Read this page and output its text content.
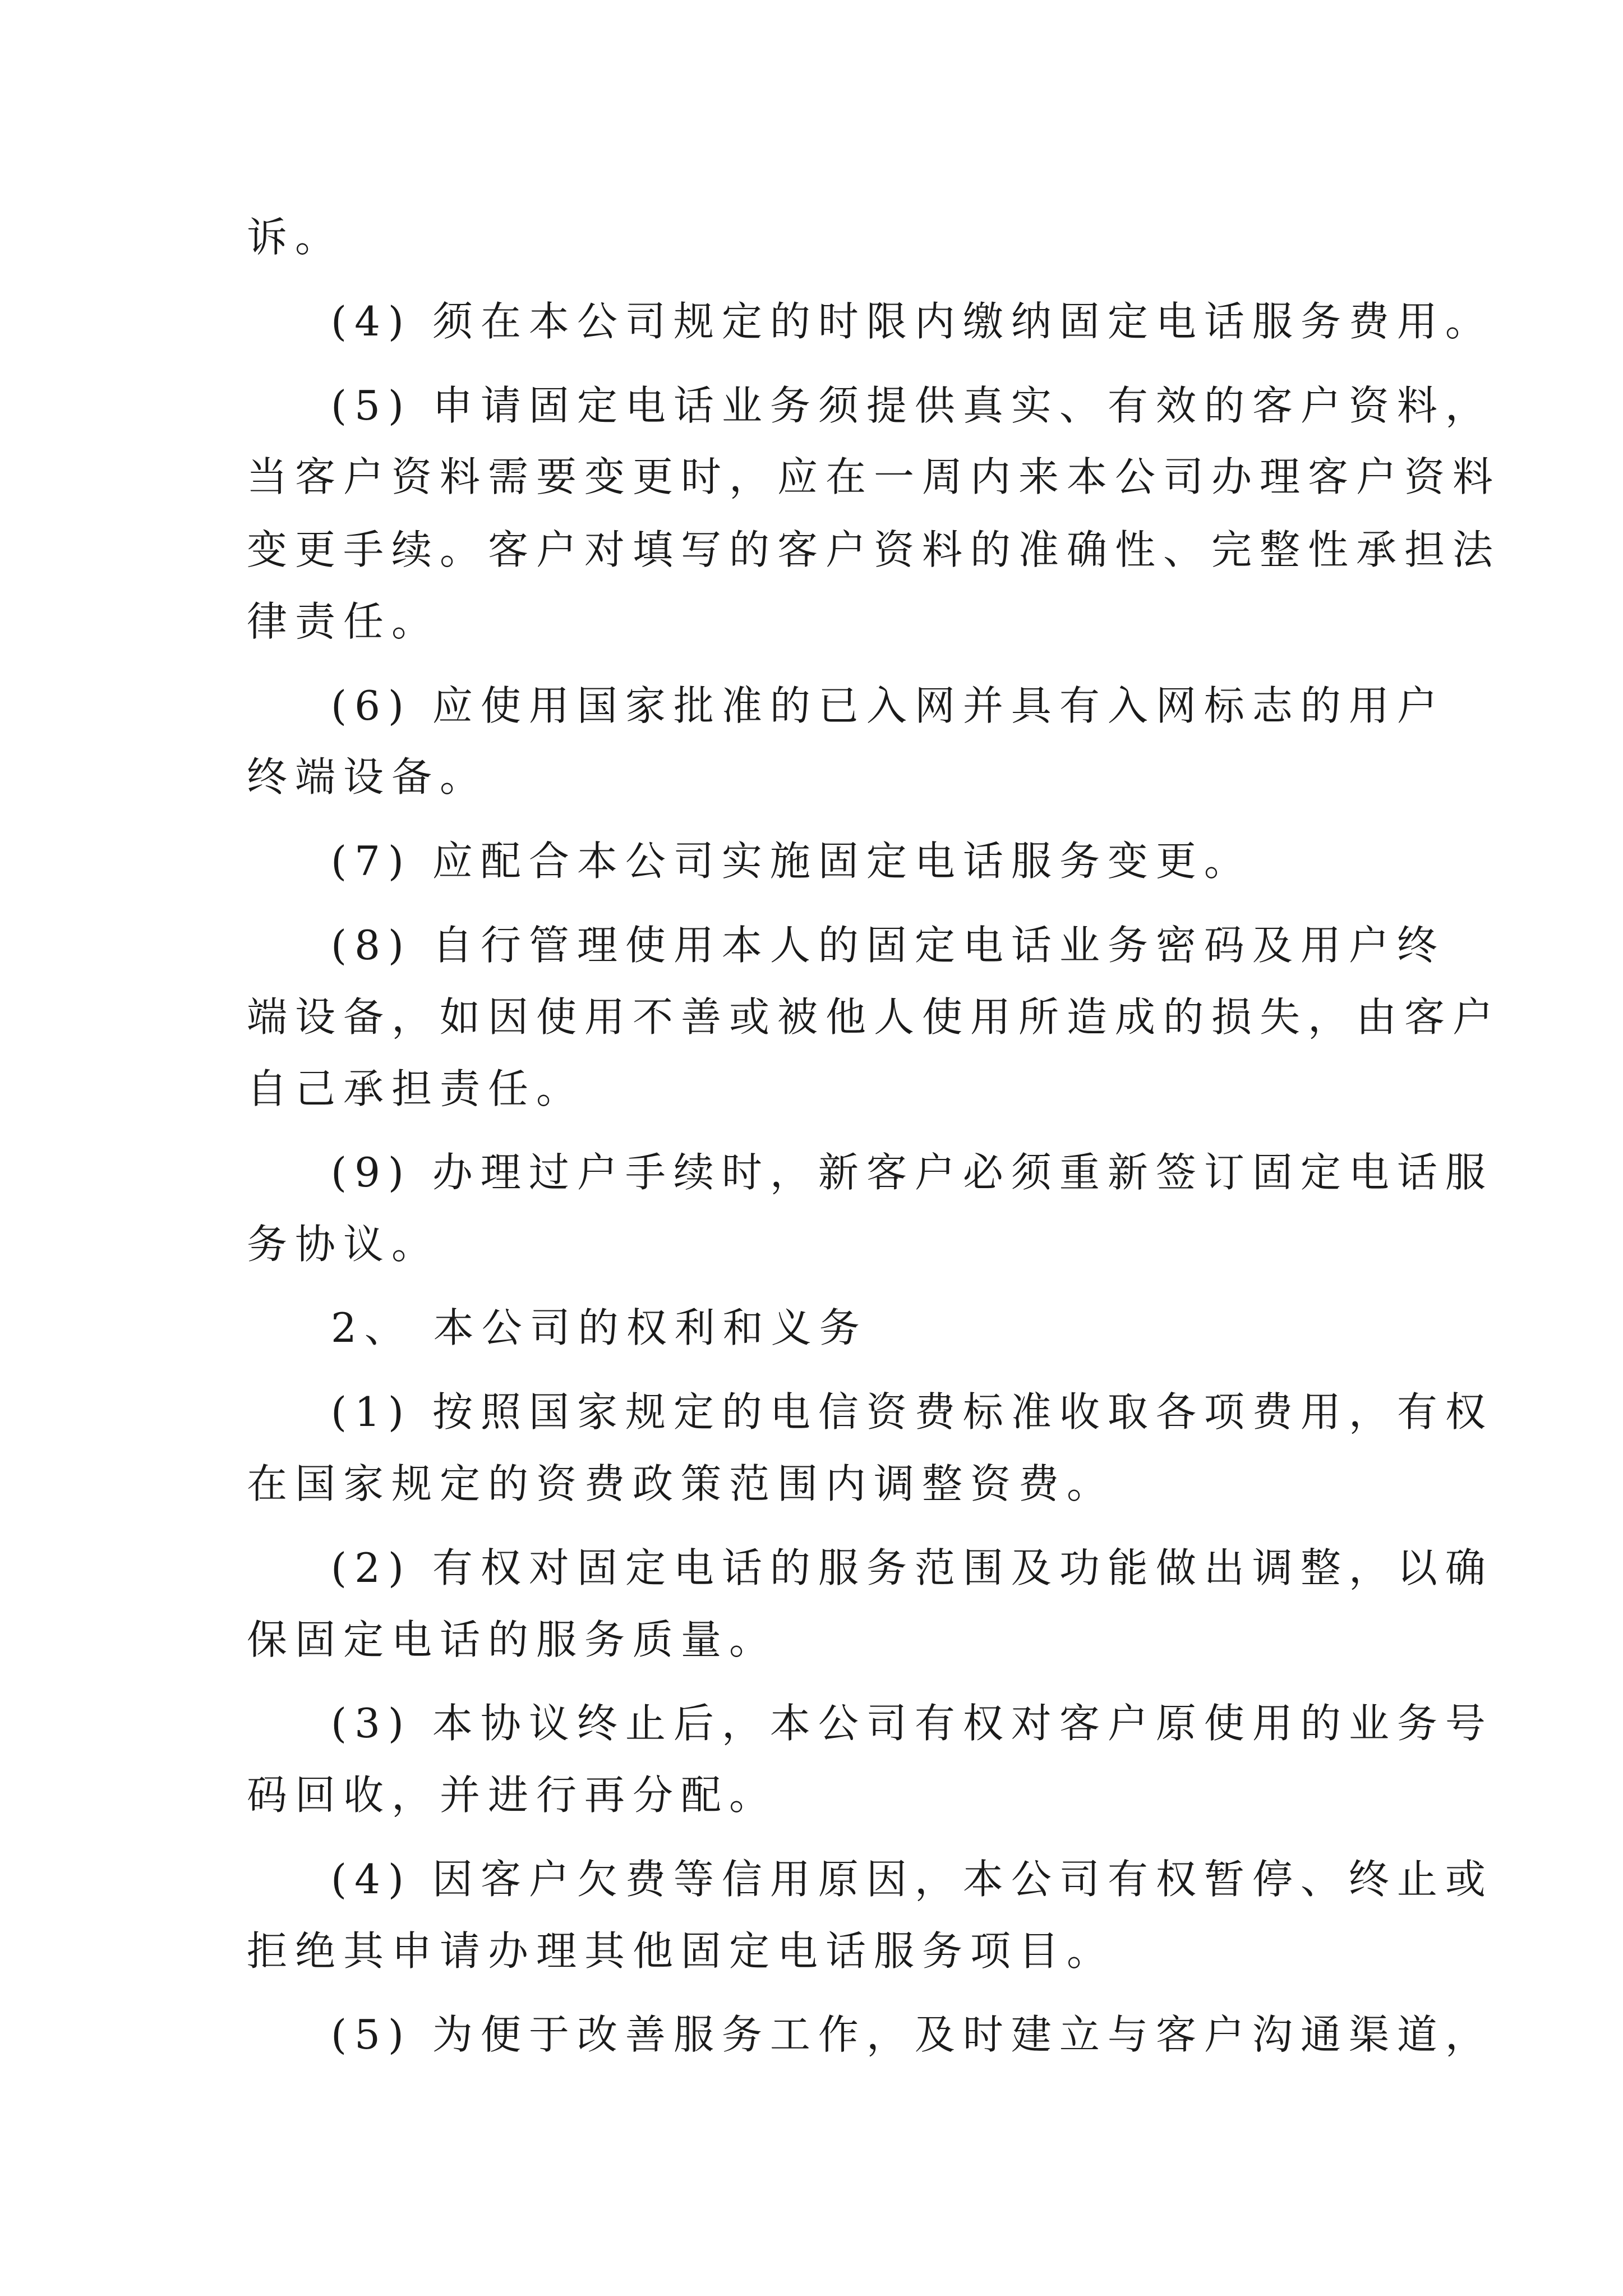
诉。

(4) 须在本公司规定的时限内缴纳固定电话服务费用。

(5) 申请固定电话业务须提供真实、有效的客户资料，

当客户资料需要变更时，应在一周内来本公司办理客户资料

变更手续。客户对填写的客户资料的准确性、完整性承担法

律责任。

(6) 应使用国家批准的已入网并具有入网标志的用户

终端设备。

(7) 应配合本公司实施固定电话服务变更。

(8) 自行管理使用本人的固定电话业务密码及用户终

端设备，如因使用不善或被他人使用所造成的损失，由客户

自己承担责任。

(9) 办理过户手续时，新客户必须重新签订固定电话服

务协议。

2、 本公司的权利和义务

(1) 按照国家规定的电信资费标准收取各项费用，有权

在国家规定的资费政策范围内调整资费。

(2) 有权对固定电话的服务范围及功能做出调整，以确

保固定电话的服务质量。

(3) 本协议终止后，本公司有权对客户原使用的业务号

码回收，并进行再分配。

(4) 因客户欠费等信用原因，本公司有权暂停、终止或

拒绝其申请办理其他固定电话服务项目。

(5) 为便于改善服务工作，及时建立与客户沟通渠道，
